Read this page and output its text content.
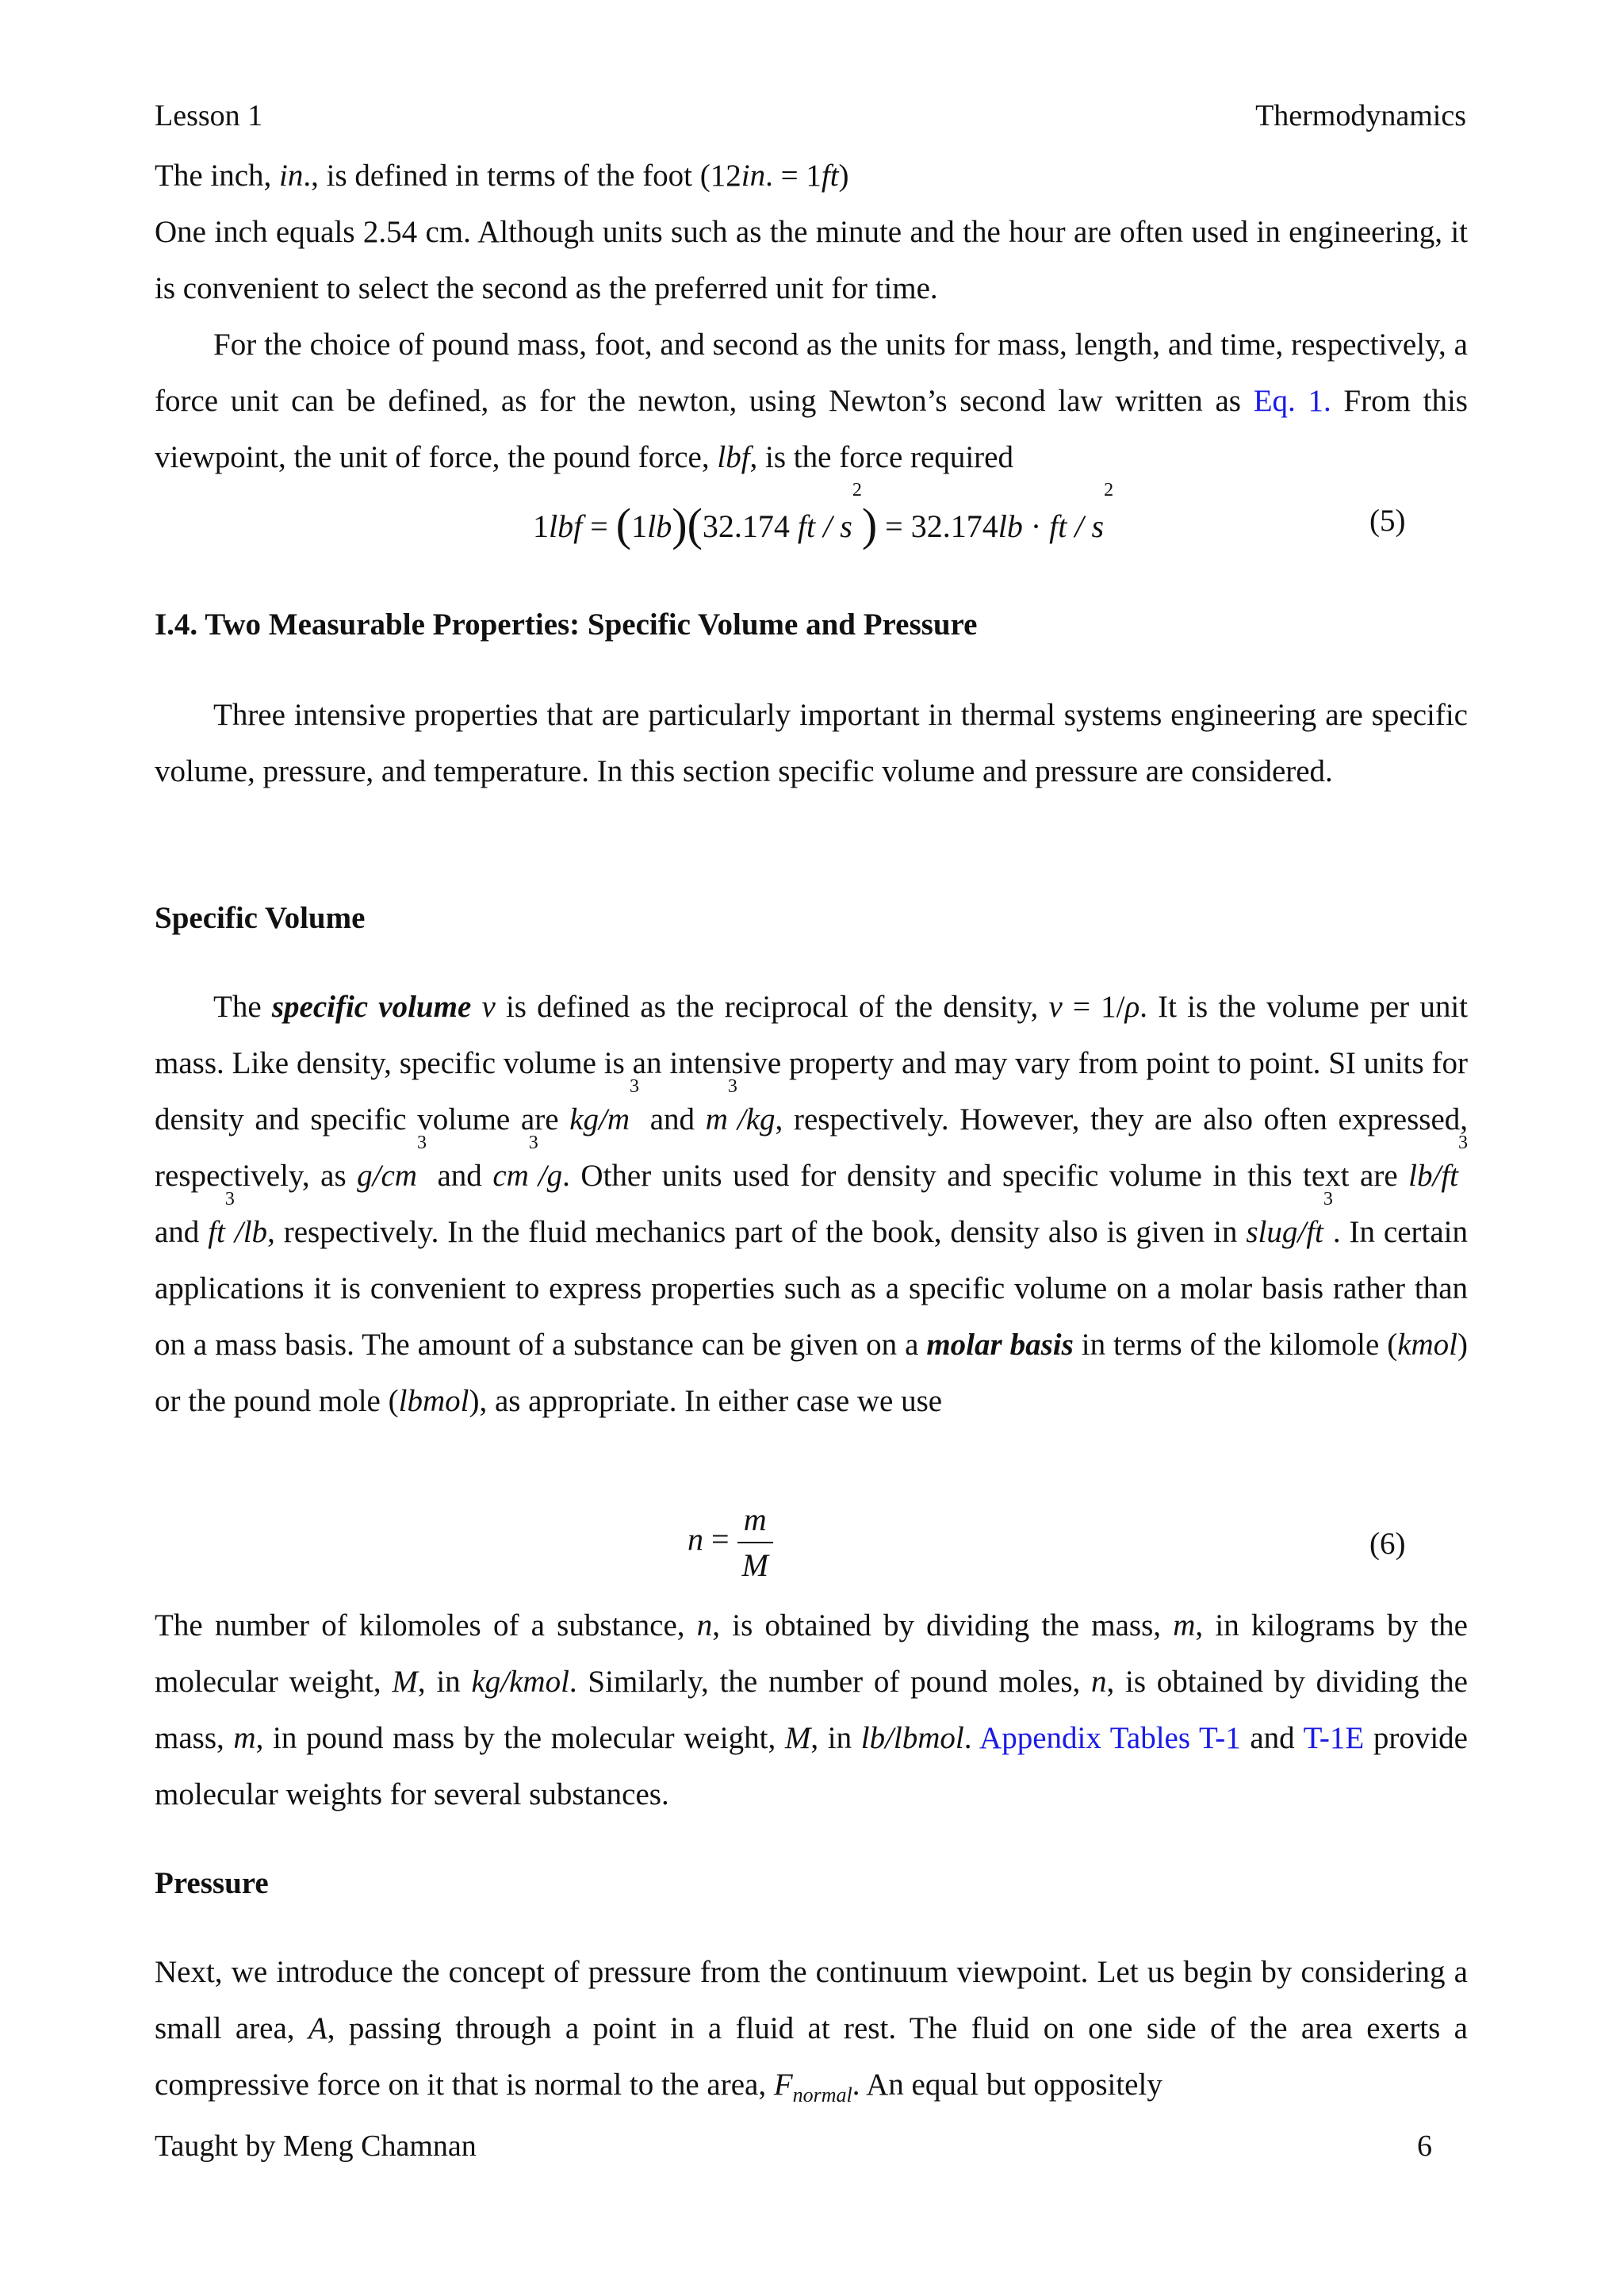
Lesson 1	Thermodynamics
The inch, in., is defined in terms of the foot (12in. = 1ft)
One inch equals 2.54 cm. Although units such as the minute and the hour are often used in engineering, it is convenient to select the second as the preferred unit for time.
For the choice of pound mass, foot, and second as the units for mass, length, and time, respectively, a force unit can be defined, as for the newton, using Newton’s second law written as Eq. 1. From this viewpoint, the unit of force, the pound force, lbf, is the force required
1lbf = (1lb)(32.174 ft / $s^2) = 32.174lb$ · ft / $s^2$
(5)
I.4. Two Measurable Properties: Specific Volume and Pressure
Three intensive properties that are particularly important in thermal systems engineering are specific volume, pressure, and temperature. In this section specific volume and pressure are considered.
Specific Volume
The specific volume v is defined as the reciprocal of the density, v = 1/ρ. It is the volume per unit mass. Like density, specific volume is an intensive property and may vary from point to point. SI units for density and specific volume are $kg/m^3$ and $m^3/kg$, respectively. However, they are also often expressed, respectively, as $g/cm^3$ and $cm^3/g$. Other units used for density and specific volume in this text are $lb/ft^3$ and $ft^3/lb$, respectively. In the fluid mechanics part of the book, density also is given in slug/$ft^3$. In certain applications it is convenient to express properties such as a specific volume on a molar basis rather than on a mass basis. The amount of a substance can be given on a molar basis in terms of the kilomole (kmol) or the pound mole (lbmol), as appropriate. In either case we use
$n = \frac{m}{M}$	(6)
The number of kilomoles of a substance, n, is obtained by dividing the mass, m, in kilograms by the molecular weight, M, in kg/kmol. Similarly, the number of pound moles, n, is obtained by dividing the mass, m, in pound mass by the molecular weight, M, in lb/lbmol. Appendix Tables T-1 and T-1E provide molecular weights for several substances.
Pressure
Next, we introduce the concept of pressure from the continuum viewpoint. Let us begin by considering a small area, A, passing through a point in a fluid at rest. The fluid on one side of the area exerts a compressive force on it that is normal to the area, $F_{normal}$. An equal but oppositely
Taught by Meng Chamnan	6
